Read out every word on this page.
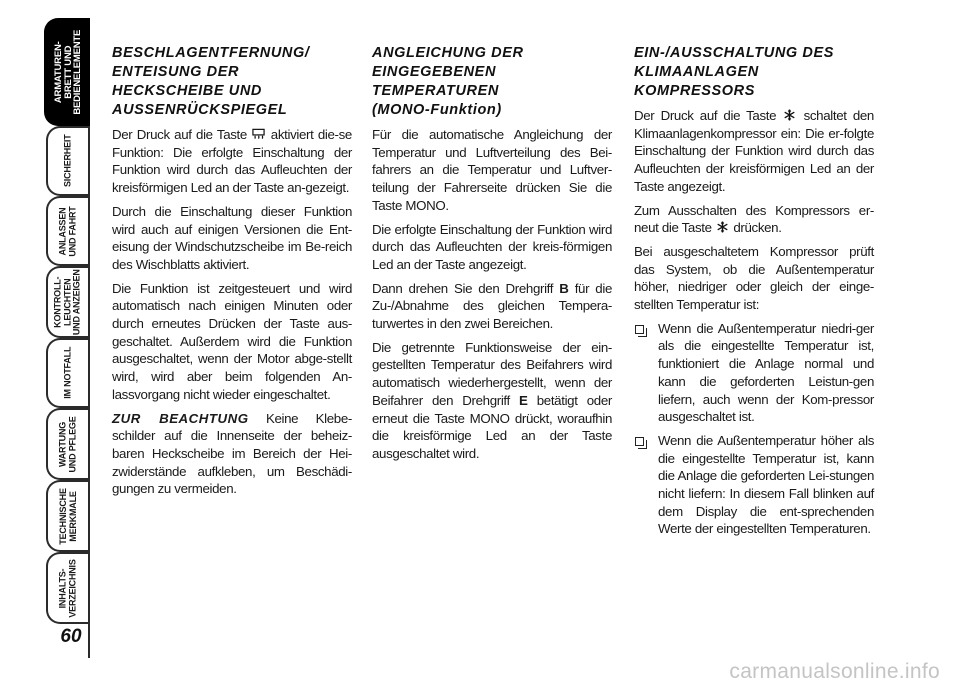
ARMATUREN-
BRETT UND
BEDIENELEMENTE
SICHERHEIT
ANLASSEN
UND FAHRT
KONTROLL-
LEUCHTEN
UND ANZEIGEN
IM NOTFALL
WARTUNG
UND PFLEGE
TECHNISCHE
MERKMALE
INHALTS-
VERZEICHNIS
60
BESCHLAGENTFERNUNG/
ENTEISUNG DER
HECKSCHEIBE UND
AUSSENRÜCKSPIEGEL

Der Druck auf die Taste aktiviert die-se Funktion: Die erfolgte Einschaltung der Funktion wird durch das Aufleuchten der kreisförmigen Led an der Taste an-gezeigt.

Durch die Einschaltung dieser Funktion wird auch auf einigen Versionen die Ent-eisung der Windschutzscheibe im Be-reich des Wischblatts aktiviert.

Die Funktion ist zeitgesteuert und wird automatisch nach einigen Minuten oder durch erneutes Drücken der Taste aus-geschaltet. Außerdem wird die Funktion ausgeschaltet, wenn der Motor abge-stellt wird, wird aber beim folgenden An-lassvorgang nicht wieder eingeschaltet.

ZUR BEACHTUNG Keine Klebe-schilder auf die Innenseite der beheiz-baren Heckscheibe im Bereich der Hei-zwiderstände aufkleben, um Beschädi-gungen zu vermeiden.

ANGLEICHUNG DER
EINGEGEBENEN
TEMPERATUREN
(MONO-Funktion)

Für die automatische Angleichung der Temperatur und Luftverteilung des Bei-fahrers an die Temperatur und Luftver-teilung der Fahrerseite drücken Sie die Taste MONO.

Die erfolgte Einschaltung der Funktion wird durch das Aufleuchten der kreis-förmigen Led an der Taste angezeigt.

Dann drehen Sie den Drehgriff B für die Zu-/Abnahme des gleichen Tempera-turwertes in den zwei Bereichen.

Die getrennte Funktionsweise der ein-gestellten Temperatur des Beifahrers wird automatisch wiederhergestellt, wenn der Beifahrer den Drehgriff E betätigt oder erneut die Taste MONO drückt, woraufhin die kreisförmige Led an der Taste ausgeschaltet wird.

EIN-/AUSSCHALTUNG DES
KLIMAANLAGEN
KOMPRESSORS

Der Druck auf die Taste schaltet den Klimaanlagenkompressor ein: Die er-folgte Einschaltung der Funktion wird durch das Aufleuchten der kreisförmigen Led an der Taste angezeigt.

Zum Ausschalten des Kompressors er-neut die Taste drücken.

Bei ausgeschaltetem Kompressor prüft das System, ob die Außentemperatur höher, niedriger oder gleich der einge-stellten Temperatur ist:

Wenn die Außentemperatur niedri-ger als die eingestellte Temperatur ist, funktioniert die Anlage normal und kann die geforderten Leistun-gen liefern, auch wenn der Kom-pressor ausgeschaltet ist.
Wenn die Außentemperatur höher als die eingestellte Temperatur ist, kann die Anlage die geforderten Lei-stungen nicht liefern: In diesem Fall blinken auf dem Display die ent-sprechenden Werte der eingestellten Temperaturen.
carmanualsonline.info
